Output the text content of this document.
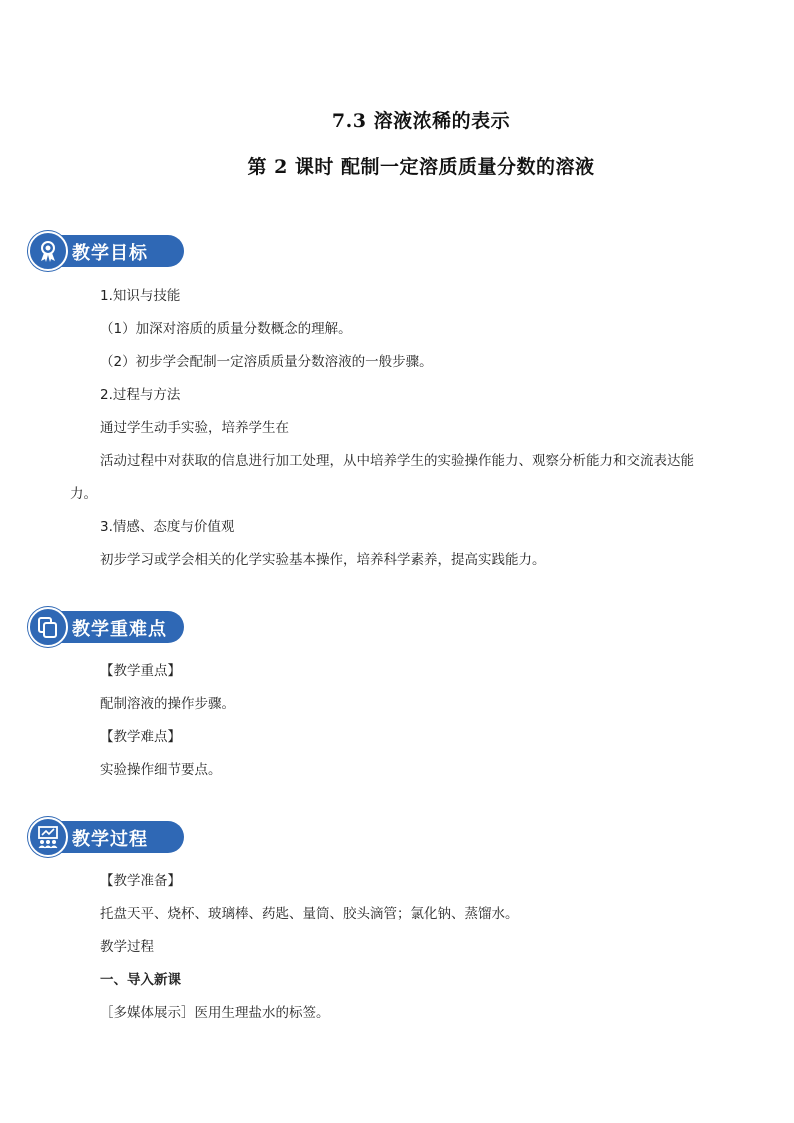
7.3 溶液浓稀的表示
第 2 课时 配制一定溶质质量分数的溶液
教学目标
1.知识与技能
（1）加深对溶质的质量分数概念的理解。
（2）初步学会配制一定溶质质量分数溶液的一般步骤。
2.过程与方法
通过学生动手实验，培养学生在
活动过程中对获取的信息进行加工处理，从中培养学生的实验操作能力、观察分析能力和交流表达能
力。
3.情感、态度与价值观
初步学习或学会相关的化学实验基本操作，培养科学素养，提高实践能力。
教学重难点
【教学重点】
配制溶液的操作步骤。
【教学难点】
实验操作细节要点。
教学过程
【教学准备】
托盘天平、烧杯、玻璃棒、药匙、量筒、胶头滴管；氯化钠、蒸馏水。
教学过程
一、导入新课
［多媒体展示］医用生理盐水的标签。
